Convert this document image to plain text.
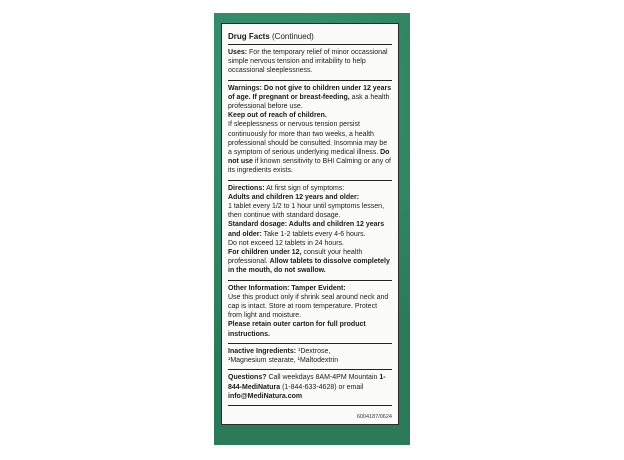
Drug Facts (Continued)
Uses: For the temporary relief of minor occassional simple nervous tension and irritability to help occassional sleeplessness.
Warnings: Do not give to children under 12 years of age. If pregnant or breast-feeding, ask a health professional before use.
Keep out of reach of children.
If sleeplessness or nervous tension persist continuously for more than two weeks, a health professional should be consulted. Insomnia may be a symptom of serious underlying medical illness. Do not use if known sensitivity to BHI Calming or any of its ingredients exists.
Directions: At first sign of symptoms:
Adults and children 12 years and older:
1 tablet every 1/2 to 1 hour until symptoms lessen, then continue with standard dosage.
Standard dosage: Adults and children 12 years and older: Take 1-2 tablets every 4-6 hours.
Do not exceed 12 tablets in 24 hours.
For children under 12, consult your health professional. Allow tablets to dissolve completely in the mouth, do not swallow.
Other Information: Tamper Evident:
Use this product only if shrink seal around neck and cap is intact. Store at room temperature. Protect from light and moisture.
Please retain outer carton for full product instructions.
Inactive Ingredients: ¹Dextrose,
¹Magnesium stearate, ¹Maltodextrin
Questions? Call weekdays 8AM-4PM Mountain 1-844-MediNatura (1-844-633-4628) or email info@MediNatura.com
6004187/0624
